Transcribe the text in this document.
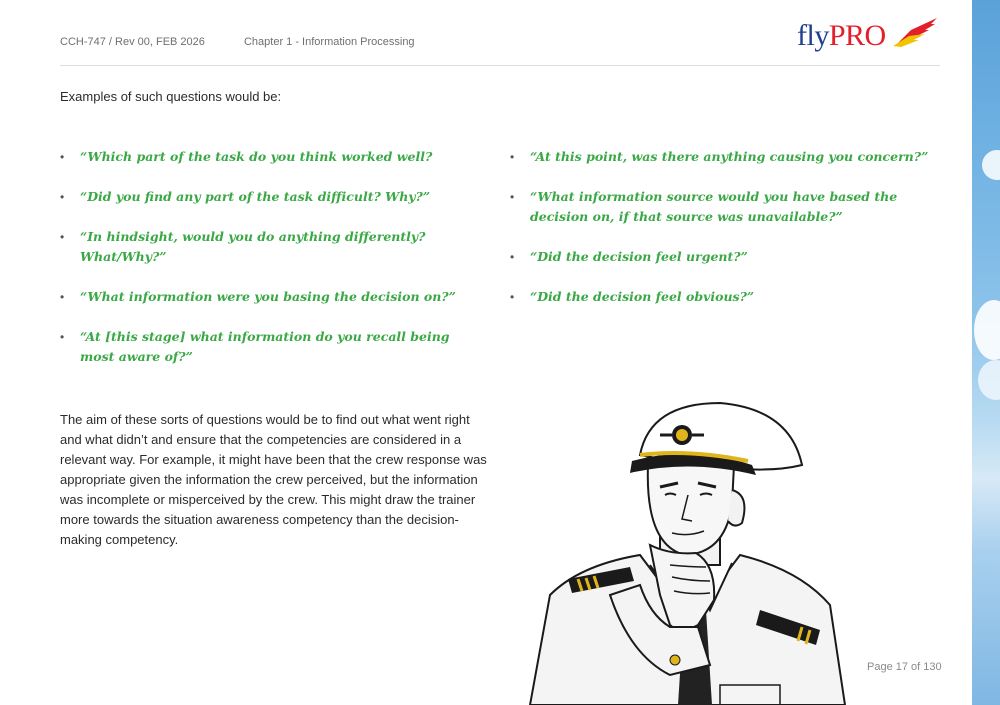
CCH-747 / Rev 00, FEB 2026	Chapter 1 - Information Processing	flyPRO
Examples of such questions would be:
• “Which part of the task do you think worked well?
• “Did you find any part of the task difficult? Why?”
• “In hindsight, would you do anything differently? What/Why?”
• “What information were you basing the decision on?”
• “At [this stage] what information do you recall being most aware of?”
• “At this point, was there anything causing you concern?”
• “What information source would you have based the decision on, if that source was unavailable?”
• “Did the decision feel urgent?”
• “Did the decision feel obvious?”

The aim of these sorts of questions would be to find out what went right and what didn’t and ensure that the competencies are considered in a relevant way. For example, it might have been that the crew response was appropriate given the information the crew perceived, but the information was incomplete or misperceived by the crew. This might draw the trainer more towards the situation awareness competency than the decision-making competency.

Page 17 of 130
